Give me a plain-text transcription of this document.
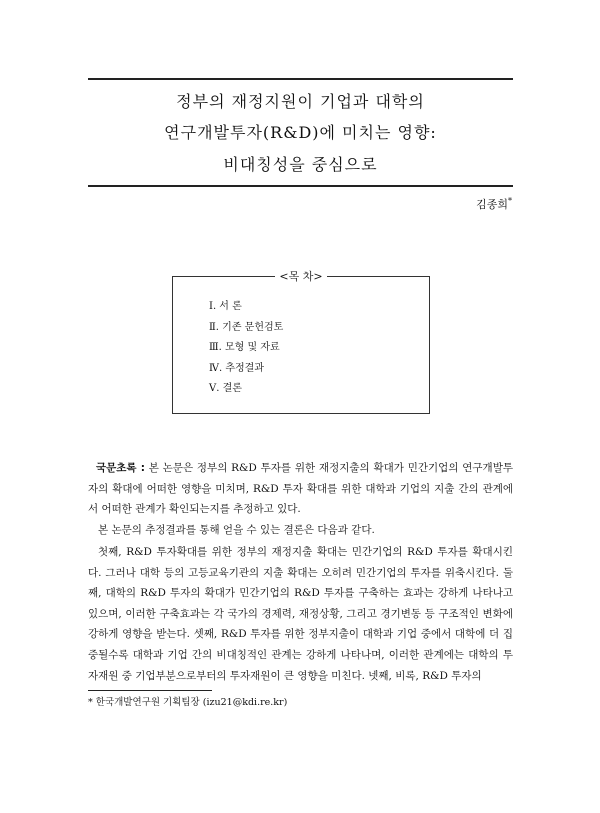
정부의 재정지원이 기업과 대학의
연구개발투자(R&D)에 미치는 영향:
비대칭성을 중심으로
김종희*
<목 차>
Ⅰ. 서 론
Ⅱ. 기존 문헌검토
Ⅲ. 모형 및 자료
Ⅳ. 추정결과
Ⅴ. 결론

국문초록 : 본 논문은 정부의 R&D 투자를 위한 재정지출의 확대가 민간기업의 연구개발투자의 확대에 어떠한 영향을 미치며, R&D 투자 확대를 위한 대학과 기업의 지출 간의 관계에서 어떠한 관계가 확인되는지를 추정하고 있다.

본 논문의 추정결과를 통해 얻을 수 있는 결론은 다음과 같다.

첫째, R&D 투자확대를 위한 정부의 재정지출 확대는 민간기업의 R&D 투자를 확대시킨다. 그러나 대학 등의 고등교육기관의 지출 확대는 오히려 민간기업의 투자를 위축시킨다. 둘째, 대학의 R&D 투자의 확대가 민간기업의 R&D 투자를 구축하는 효과는 강하게 나타나고 있으며, 이러한 구축효과는 각 국가의 경제력, 재정상황, 그리고 경기변동 등 구조적인 변화에 강하게 영향을 받는다. 셋째, R&D 투자를 위한 정부지출이 대학과 기업 중에서 대학에 더 집중될수록 대학과 기업 간의 비대칭적인 관계는 강하게 나타나며, 이러한 관계에는 대학의 투자재원 중 기업부분으로부터의 투자재원이 큰 영향을 미친다. 넷째, 비록, R&D 투자의

* 한국개발연구원 기획팀장 (izu21@kdi.re.kr)
